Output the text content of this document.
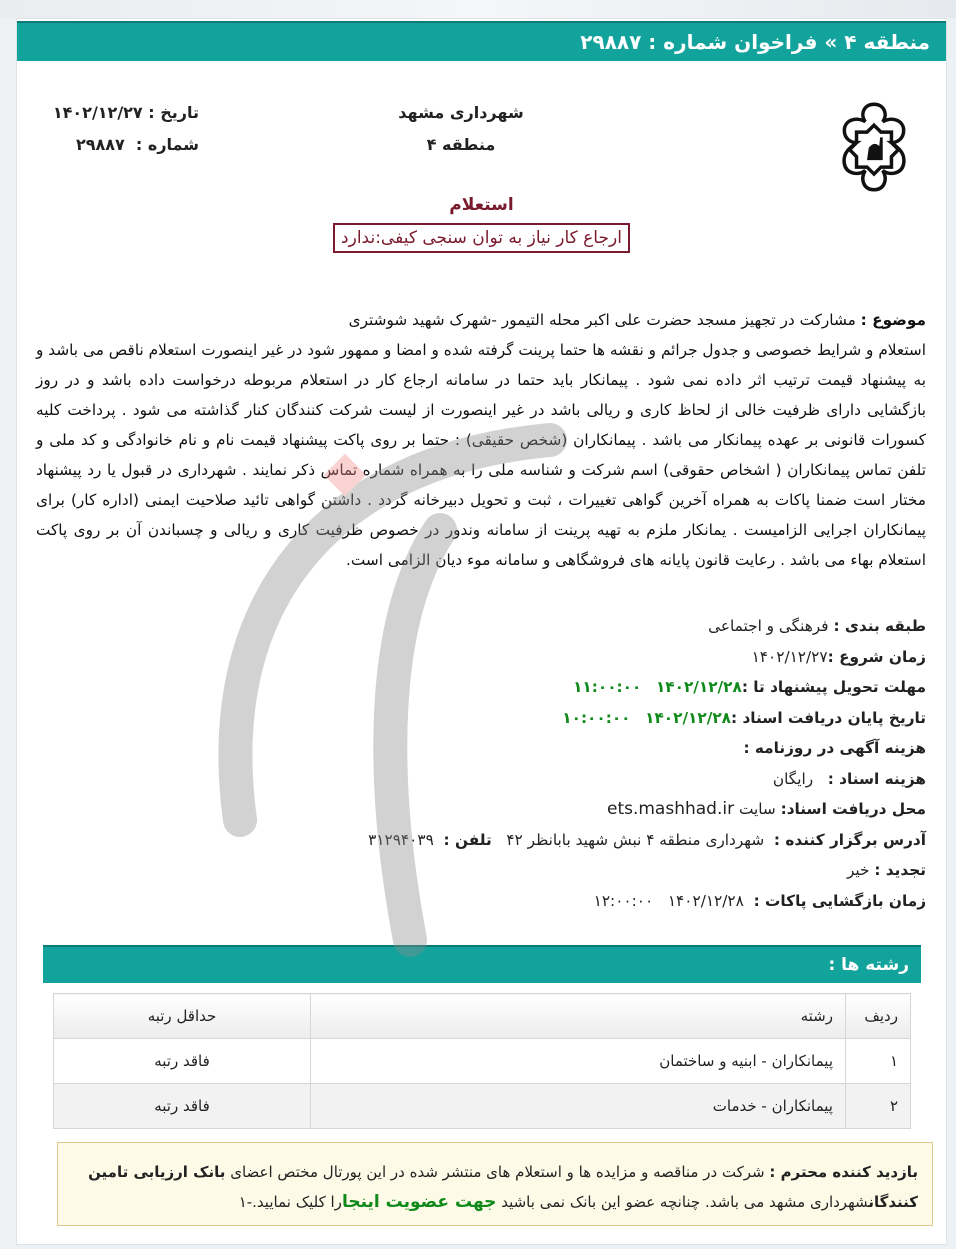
منطقه ۴ » فراخوان شماره : ۲۹۸۸۷
شهرداری مشهد
منطقه ۴
تاریخ : ۱۴۰۲/۱۲/۲۷
شماره :  ۲۹۸۸۷
استعلام
ارجاع کار نیاز به توان سنجی کیفی:ندارد
موضوع : مشارکت در تجهیز مسجد حضرت علی اکبر محله التیمور -شهرک شهید شوشتری
استعلام و شرایط خصوصی و جدول جرائم و نقشه ها حتما پرینت گرفته شده و امضا و ممهور شود در غیر اینصورت استعلام ناقص می باشد و به پیشنهاد قیمت ترتیب اثر داده نمی شود . پیمانکار باید حتما در سامانه ارجاع کار در استعلام مربوطه درخواست داده باشد و در روز بازگشایی دارای ظرفیت خالی از لحاظ کاری و ریالی باشد در غیر اینصورت از لیست شرکت کنندگان کنار گذاشته می شود . پرداخت کلیه کسورات قانونی بر عهده پیمانکار می باشد . پیمانکاران (شخص حقیقی) : حتما بر روی پاکت پیشنهاد قیمت نام و نام خانوادگی و کد ملی و تلفن تماس پیمانکاران ( اشخاص حقوقی) اسم شرکت و شناسه ملی را به همراه شماره تماس ذکر نمایند . شهرداری در قبول یا رد پیشنهاد مختار است ضمنا پاکات به همراه آخرین گواهی تغییرات ، ثبت و تحویل دبیرخانه گردد . داشتن گواهی تائید صلاحیت ایمنی (اداره کار) برای پیمانکاران اجرایی الزامیست . یمانکار ملزم به تهیه پرینت از سامانه وندور در خصوص ظرفیت کاری و ریالی و چسباندن آن بر روی پاکت استعلام بهاء می باشد . رعایت قانون پایانه های فروشگاهی و سامانه موء دیان الزامی است.
طبقه بندی : فرهنگی و اجتماعی
زمان شروع :۱۴۰۲/۱۲/۲۷
مهلت تحویل پیشنهاد تا :۱۴۰۲/۱۲/۲۸   ۱۱:۰۰:۰۰
تاریخ پایان دریافت اسناد :۱۴۰۲/۱۲/۲۸   ۱۰:۰۰:۰۰
هزینه آگهی در روزنامه :
هزینه اسناد :   رایگان
محل دریافت اسناد: سایت ets.mashhad.ir
آدرس برگزار کننده :  شهرداری منطقه ۴ نبش شهید بابانظر ۴۲   تلفن :  ۳۱۲۹۴۰۳۹
تجدید : خیر
زمان بازگشایی پاکات :  ۱۴۰۲/۱۲/۲۸   ۱۲:۰۰:۰۰
رشته ها :
ردیف	رشته	حداقل رتبه
۱	پیمانکاران - ابنیه و ساختمان	فاقد رتبه
۲	پیمانکاران - خدمات	فاقد رتبه
بازدید کننده محترم : شرکت در مناقصه و مزایده ها و استعلام های منتشر شده در این پورتال مختص اعضای بانک ارزیابی تامین کنندگانشهرداری مشهد می باشد. چنانچه عضو این بانک نمی باشید جهت عضویت اینجارا کلیک نمایید.-۱
